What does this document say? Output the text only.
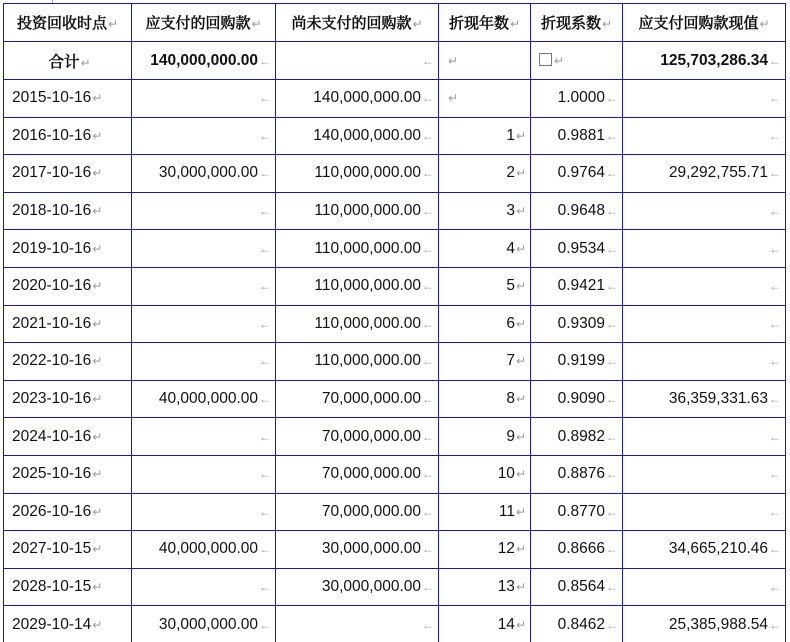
投资回收时点↵	应支付的回购款↵	尚未支付的回购款↵	折现年数↵	折现系数↵	应支付回购款现值↵
合计↵	140,000,000.00←	←	↵	↵	125,703,286.34←
2015-10-16↵	←	140,000,000.00←	↵	1.0000←	←
2016-10-16↵	←	140,000,000.00←	1↵	0.9881←	←
2017-10-16↵	30,000,000.00←	110,000,000.00←	2↵	0.9764←	29,292,755.71←
2018-10-16↵	←	110,000,000.00←	3↵	0.9648←	←
2019-10-16↵	←	110,000,000.00←	4↵	0.9534←	←
2020-10-16↵	←	110,000,000.00←	5↵	0.9421←	←
2021-10-16↵	←	110,000,000.00←	6↵	0.9309←	←
2022-10-16↵	←	110,000,000.00←	7↵	0.9199←	←
2023-10-16↵	40,000,000.00←	70,000,000.00←	8↵	0.9090←	36,359,331.63←
2024-10-16↵	←	70,000,000.00←	9↵	0.8982←	←
2025-10-16↵	←	70,000,000.00←	10↵	0.8876←	←
2026-10-16↵	←	70,000,000.00←	11↵	0.8770←	←
2027-10-15↵	40,000,000.00←	30,000,000.00←	12↵	0.8666←	34,665,210.46←
2028-10-15↵	←	30,000,000.00←	13↵	0.8564←	←
2029-10-14↵	30,000,000.00←	←	14↵	0.8462←	25,385,988.54←
